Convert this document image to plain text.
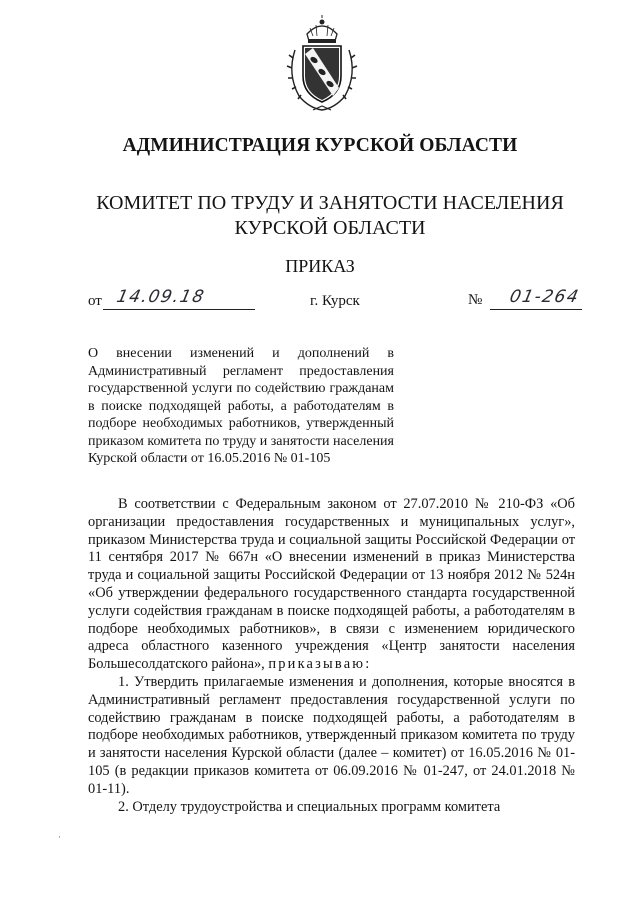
АДМИНИСТРАЦИЯ КУРСКОЙ ОБЛАСТИ
КОМИТЕТ ПО ТРУДУ И ЗАНЯТОСТИ НАСЕЛЕНИЯ
КУРСКОЙ ОБЛАСТИ
ПРИКАЗ
от 14.09.18	г. Курск	№ 01-264
О внесении изменений и дополнений в Административный регламент предоставления государственной услуги по содействию гражданам в поиске подходящей работы, а работодателям в подборе необходимых работников, утвержденный приказом комитета по труду и занятости населения Курской области от 16.05.2016 № 01-105

В соответствии с Федеральным законом от 27.07.2010 № 210-ФЗ «Об организации предоставления государственных и муниципальных услуг», приказом Министерства труда и социальной защиты Российской Федерации от 11 сентября 2017 № 667н «О внесении изменений в приказ Министерства труда и социальной защиты Российской Федерации от 13 ноября 2012 № 524н «Об утверждении федерального государственного стандарта государственной услуги содействия гражданам в поиске подходящей работы, а работодателям в подборе необходимых работников», в связи с изменением юридического адреса областного казенного учреждения «Центр занятости населения Большесолдатского района», приказываю:

1. Утвердить прилагаемые изменения и дополнения, которые вносятся в Административный регламент предоставления государственной услуги по содействию гражданам в поиске подходящей работы, а работодателям в подборе необходимых работников, утвержденный приказом комитета по труду и занятости населения Курской области (далее – комитет) от 16.05.2016 № 01-105 (в редакции приказов комитета от 06.09.2016 № 01-247, от 24.01.2018 № 01-11).

2. Отделу трудоустройства и специальных программ комитета

·
